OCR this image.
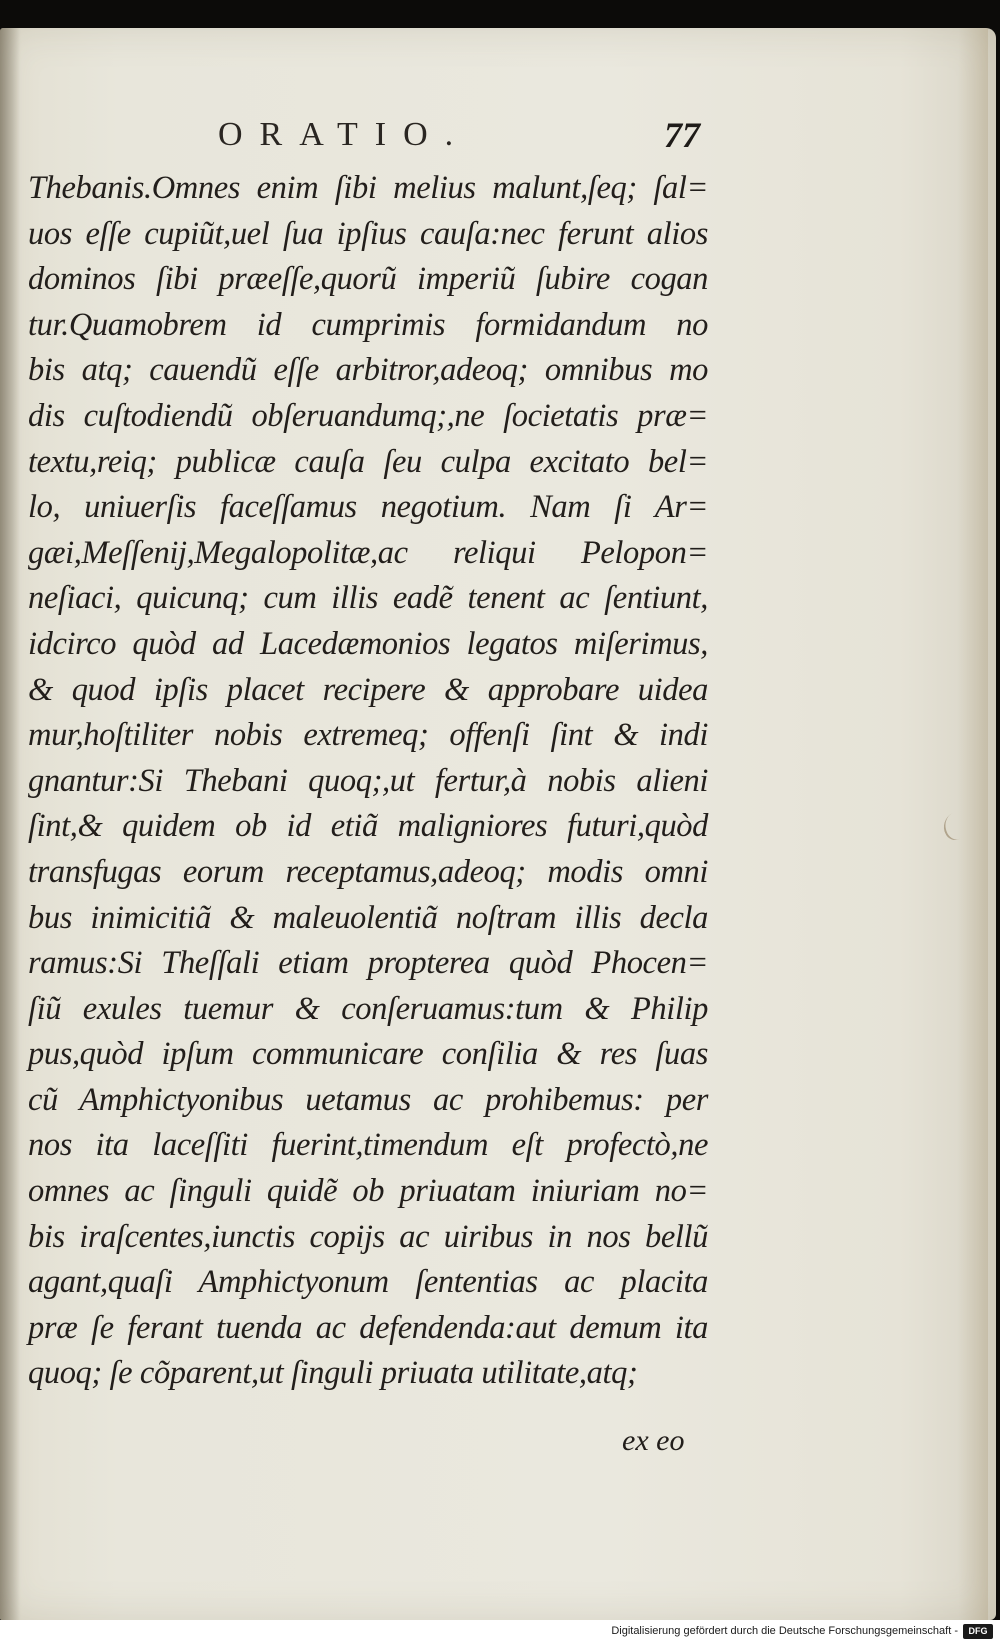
ORATIO.	77
Thebanis.Omnes enim ſibi melius malunt,ſeq; ſal=
uos eſſe cupiũt,uel ſua ipſius cauſa:nec ferunt alios
dominos ſibi præeſſe,quorũ imperiũ ſubire cogan
tur.Quamobrem id cumprimis formidandum no
bis atq; cauendũ eſſe arbitror,adeoq; omnibus mo
dis cuſtodiendũ obſeruandumq;,ne ſocietatis præ=
textu,reiq; publicæ cauſa ſeu culpa excitato bel=
lo, uniuerſis faceſſamus negotium. Nam ſi Ar=
gæi,Meſſenij,Megalopolitæ,ac reliqui Pelopon=
neſiaci, quicunq; cum illis eadẽ tenent ac ſentiunt,
idcirco quòd ad Lacedæmonios legatos miſerimus,
& quod ipſis placet recipere & approbare uidea
mur,hoſtiliter nobis extremeq; offenſi ſint & indi
gnantur:Si Thebani quoq;,ut fertur,à nobis alieni
ſint,& quidem ob id etiã maligniores futuri,quòd
transfugas eorum receptamus,adeoq; modis omni
bus inimicitiã & maleuolentiã noſtram illis decla
ramus:Si Theſſali etiam propterea quòd Phocen=
ſiũ exules tuemur & conſeruamus:tum & Philip
pus,quòd ipſum communicare conſilia & res ſuas
cũ Amphictyonibus uetamus ac prohibemus: per
nos ita laceſſiti fuerint,timendum eſt profectò,ne
omnes ac ſinguli quidẽ ob priuatam iniuriam no=
bis iraſcentes,iunctis copijs ac uiribus in nos bellũ
agant,quaſi Amphictyonum ſententias ac placita
præ ſe ferant tuenda ac defendenda:aut demum ita
quoq; ſe cõparent,ut ſinguli priuata utilitate,atq;
ex eo
Digitalisierung gefördert durch die Deutsche Forschungsgemeinschaft -	DFG
